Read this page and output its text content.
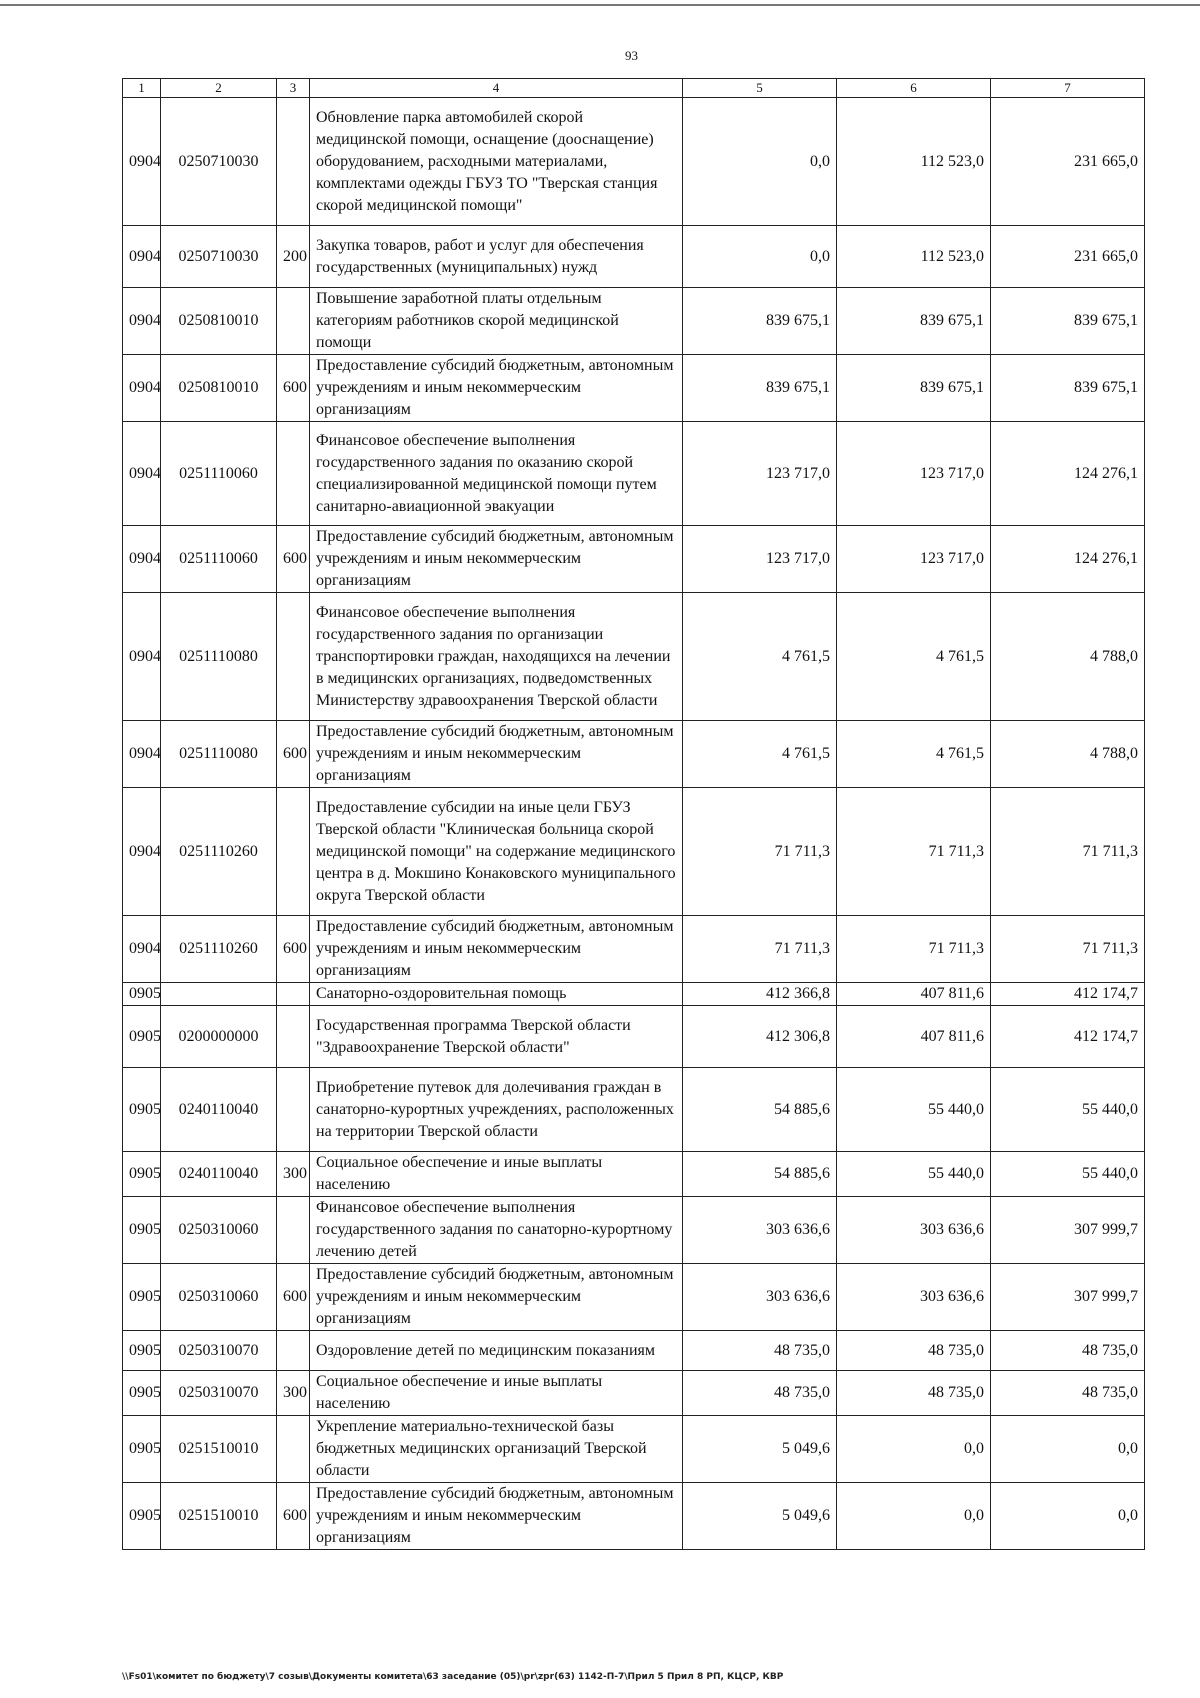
93
1	2	3	4	5	6	7
0904	0250710030		Обновление парка автомобилей скорой медицинской помощи, оснащение (дооснащение) оборудованием, расходными материалами, комплектами одежды ГБУЗ ТО "Тверская станция скорой медицинской помощи"	0,0	112 523,0	231 665,0
0904	0250710030	200	Закупка товаров, работ и услуг для обеспечения государственных (муниципальных) нужд	0,0	112 523,0	231 665,0
0904	0250810010		Повышение заработной платы отдельным категориям работников скорой медицинской помощи	839 675,1	839 675,1	839 675,1
0904	0250810010	600	Предоставление субсидий бюджетным, автономным учреждениям и иным некоммерческим организациям	839 675,1	839 675,1	839 675,1
0904	0251110060		Финансовое обеспечение выполнения государственного задания по оказанию скорой специализированной медицинской помощи путем санитарно-авиационной эвакуации	123 717,0	123 717,0	124 276,1
0904	0251110060	600	Предоставление субсидий бюджетным, автономным учреждениям и иным некоммерческим организациям	123 717,0	123 717,0	124 276,1
0904	0251110080		Финансовое обеспечение выполнения государственного задания по организации транспортировки граждан, находящихся на лечении в медицинских организациях, подведомственных Министерству здравоохранения Тверской области	4 761,5	4 761,5	4 788,0
0904	0251110080	600	Предоставление субсидий бюджетным, автономным учреждениям и иным некоммерческим организациям	4 761,5	4 761,5	4 788,0
0904	0251110260		Предоставление субсидии на иные цели ГБУЗ Тверской области "Клиническая больница скорой медицинской помощи" на содержание медицинского центра в д. Мокшино Конаковского муниципального округа Тверской области	71 711,3	71 711,3	71 711,3
0904	0251110260	600	Предоставление субсидий бюджетным, автономным учреждениям и иным некоммерческим организациям	71 711,3	71 711,3	71 711,3
0905			Санаторно-оздоровительная помощь	412 366,8	407 811,6	412 174,7
0905	0200000000		Государственная программа Тверской области "Здравоохранение Тверской области"	412 306,8	407 811,6	412 174,7
0905	0240110040		Приобретение путевок для долечивания граждан в санаторно-курортных учреждениях, расположенных на территории Тверской области	54 885,6	55 440,0	55 440,0
0905	0240110040	300	Социальное обеспечение и иные выплаты населению	54 885,6	55 440,0	55 440,0
0905	0250310060		Финансовое обеспечение выполнения государственного задания по санаторно-курортному лечению детей	303 636,6	303 636,6	307 999,7
0905	0250310060	600	Предоставление субсидий бюджетным, автономным учреждениям и иным некоммерческим организациям	303 636,6	303 636,6	307 999,7
0905	0250310070		Оздоровление детей по медицинским показаниям	48 735,0	48 735,0	48 735,0
0905	0250310070	300	Социальное обеспечение и иные выплаты населению	48 735,0	48 735,0	48 735,0
0905	0251510010		Укрепление материально-технической базы бюджетных медицинских организаций Тверской области	5 049,6	0,0	0,0
0905	0251510010	600	Предоставление субсидий бюджетным, автономным учреждениям и иным некоммерческим организациям	5 049,6	0,0	0,0
\\Fs01\комитет по бюджету\7 созыв\Документы комитета\63 заседание (05)\pr\zpr(63) 1142-П-7\Прил 5 Прил 8 РП, КЦСР, КВР
